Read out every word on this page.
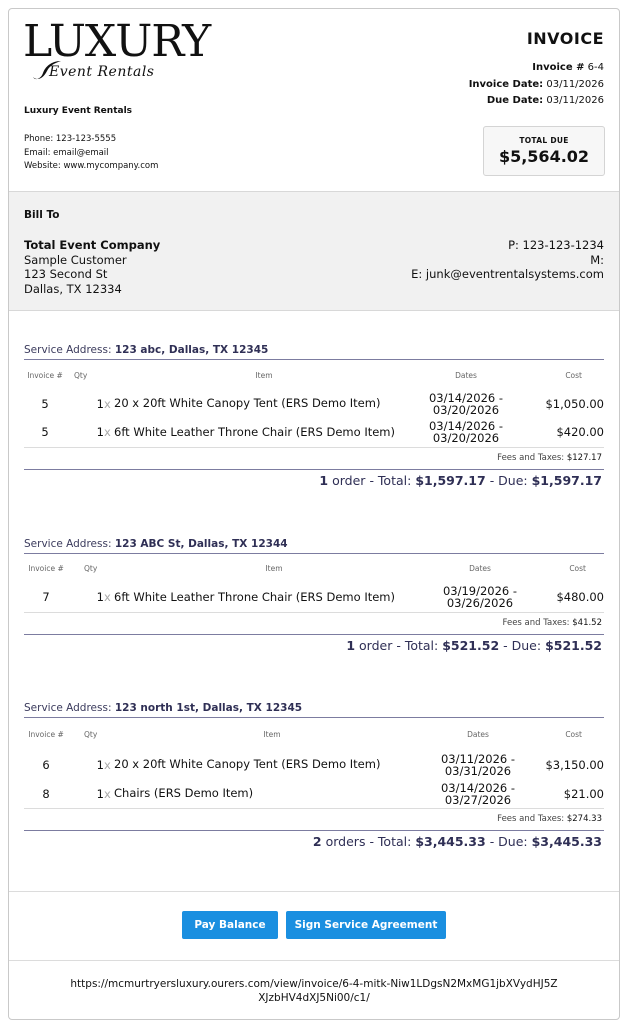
LUXURY
Event Rentals
Luxury Event Rentals
Phone: 123-123-5555
Email: email@email
Website: www.mycompany.com
INVOICE
Invoice # 6-4
Invoice Date: 03/11/2026
Due Date: 03/11/2026
TOTAL DUE
$5,564.02
Bill To
Total Event Company
Sample Customer
123 Second St
Dallas, TX 12334
P: 123-123-1234
M:
E: junk@eventrentalsystems.com
Service Address: 123 abc, Dallas, TX 12345
Invoice #	Qty		Item	Dates	Cost
5	1	x	20 x 20ft White Canopy Tent (ERS Demo Item)	03/14/2026 - 03/20/2026	$1,050.00
5	1	x	6ft White Leather Throne Chair (ERS Demo Item)	03/14/2026 - 03/20/2026	$420.00
Fees and Taxes: $127.17
1 order - Total: $1,597.17 - Due: $1,597.17
Service Address: 123 ABC St, Dallas, TX 12344
Invoice #	Qty		Item	Dates	Cost
7	1	x	6ft White Leather Throne Chair (ERS Demo Item)	03/19/2026 - 03/26/2026	$480.00
Fees and Taxes: $41.52
1 order - Total: $521.52 - Due: $521.52
Service Address: 123 north 1st, Dallas, TX 12345
Invoice #	Qty		Item	Dates	Cost
6	1	x	20 x 20ft White Canopy Tent (ERS Demo Item)	03/11/2026 - 03/31/2026	$3,150.00
8	1	x	Chairs (ERS Demo Item)	03/14/2026 - 03/27/2026	$21.00
Fees and Taxes: $274.33
2 orders - Total: $3,445.33 - Due: $3,445.33
Pay Balance	Sign Service Agreement
https://mcmurtryersluxury.ourers.com/view/invoice/6-4-mitk-Niw1LDgsN2MxMG1jbXVydHJ5ZXJzbHV4dXJ5Ni00/c1/
